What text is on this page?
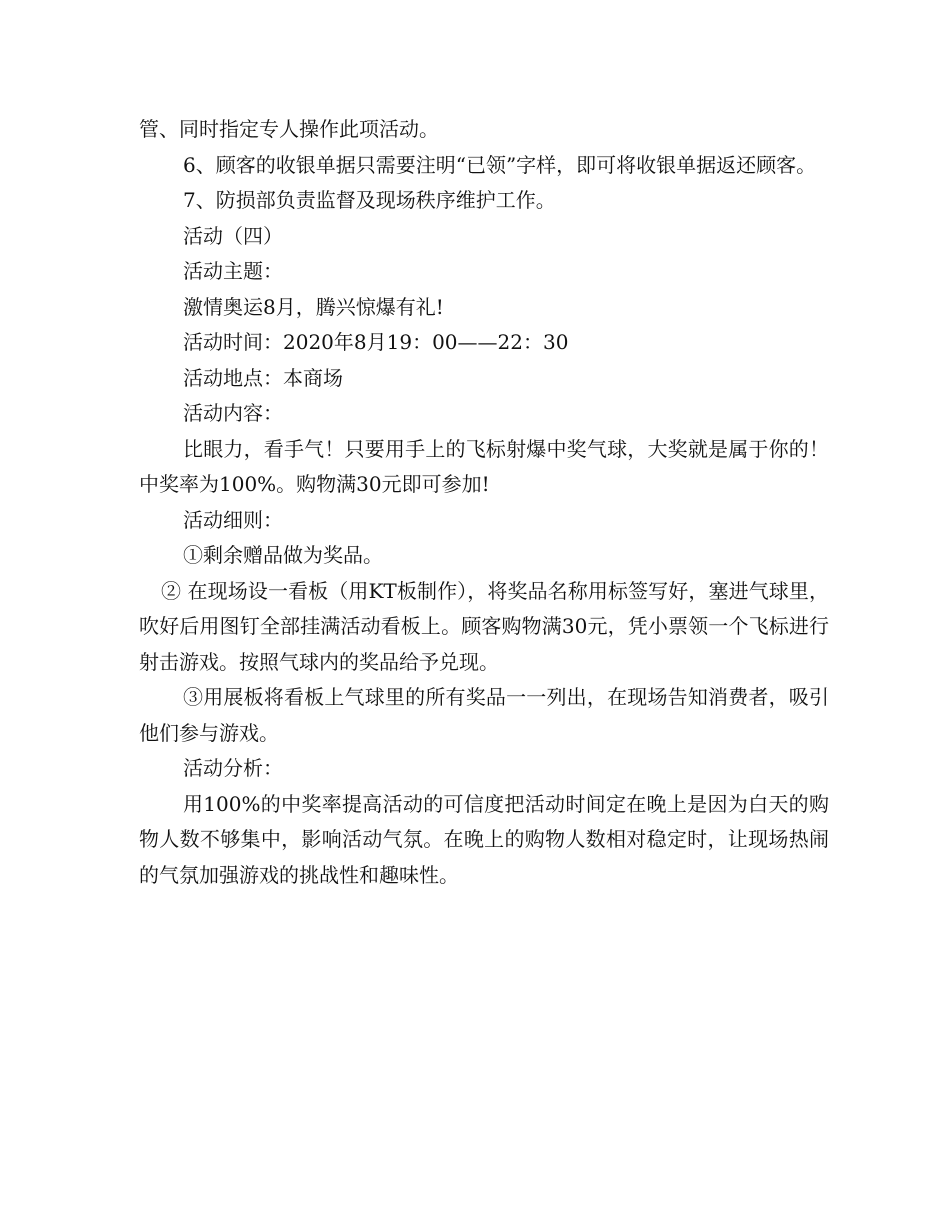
管、同时指定专人操作此项活动。

6、顾客的收银单据只需要注明“已领”字样，即可将收银单据返还顾客。

7、防损部负责监督及现场秩序维护工作。

活动（四）

活动主题：

激情奥运8月，腾兴惊爆有礼!

活动时间：2020年8月19：00——22：30

活动地点：本商场

活动内容：

比眼力，看手气！只要用手上的飞标射爆中奖气球，大奖就是属于你的！中奖率为100%。购物满30元即可参加!

活动细则：

①剩余赠品做为奖品。

② 在现场设一看板（用KT板制作），将奖品名称用标签写好，塞进气球里，吹好后用图钉全部挂满活动看板上。顾客购物满30元，凭小票领一个飞标进行射击游戏。按照气球内的奖品给予兑现。

③用展板将看板上气球里的所有奖品一一列出，在现场告知消费者，吸引他们参与游戏。

活动分析：

用100%的中奖率提高活动的可信度把活动时间定在晚上是因为白天的购物人数不够集中，影响活动气氛。在晚上的购物人数相对稳定时，让现场热闹的气氛加强游戏的挑战性和趣味性。
